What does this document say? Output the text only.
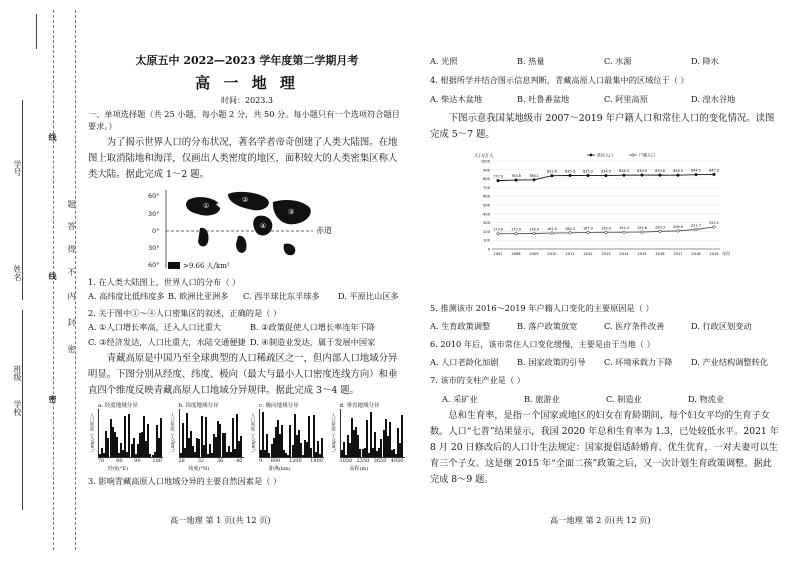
学号
姓名
学校
班级
线
题
答
得
不
内
线
封
密
密
太原五中 2022—2023 学年度第二学期月考
高 一 地 理
时间：2023.3
一、单项选择题（共 25 小题，每小题 2 分，共 50 分。每小题只有一个选项符合题目要求。）
为了揭示世界人口的分布状况，著名学者帝奇创建了人类大陆图。在地图上取消陆地和海洋，仅画出人类密度的地区，面积较大的人类密集区称人类大陆。据此完成 1～2 题。
60°
30°
0°
30°
60°
①
②
③
④	赤道
>9.66 人/km²
1. 在人类大陆图上，世界人口的分布（ ）
A. 高纬度比低纬度多 B. 欧洲比亚洲多	C. 西半球比东半球多	D. 平原比山区多
2. 关于图中①～④人口密集区的叙述，正确的是（ ）
A. ①人口增长率高，迁入人口比重大	B. ②政策促使人口增长率连年下降
C. ③经济发达，人口比重大，水陆交通便捷 D. ④制造业发达，属于发展中国家
青藏高原是中国乃至全球典型的人口稀疏区之一，但内部人口地域分异明显。下图分别从经度、纬度、极向（最大与最小人口密度连线方向）和垂直四个维度反映青藏高原人口地域分异规律。据此完成 3～4 题。
a. 经度地域分异
70 80 90 100
经度(°E)
人口密度（人/km²）
b. 纬度地域分异
28	32	36	40
纬度(°N)
人口密度（人/km²）
c. 极向地域分异
0 600 1200 1800
距离(km)
人口密度（人/km²）
d. 垂直地域分异
1050 2350 3650 4950
高程(m)
人口密度（人/km²）
3. 影响青藏高原人口地域分异的主要自然因素是（ ）
高一地理 第 1 页(共 12 页)
A. 光照	B. 热量	C. 水源	D. 降水
4. 根据所学并结合图示信息判断，青藏高原人口最集中的区域位于（ ）
A. 柴达木盆地	B. 吐鲁番盆地	C. 阿里高原	D. 湟水谷地
下图示意我国某地级市 2007～2019 年户籍人口和常住人口的变化情况。读图完成 5～7 题。
0
100
200
300
400
500
600
700
800
900
1000
人口/万人
年份
2007 2008 2009 2010 2011 2012 2013 2014 2015 2016 2017 2018 2019
777.0 783.8 786.1
832.6 835.3 835.9 834.5 838.3 839.9 839.6 838.5 844.5 847.3
常住人口
173.6 173.9 176.0 181.0 184.3 187.9 190.0 191.4 192.6 200.3 206.0 221.7
251.1
户籍人口
5. 推测该市 2016～2019 年户籍人口变化的主要原因是（ ）
A. 生育政策调整	B. 落户政策放宽	C. 医疗条件改善	D. 行政区划变动
6. 2010 年后，该市常住人口变化缓慢，主要是由于当地（ ）
A. 人口老龄化加剧	B. 国家政策的引导	C. 环境承载力下降	D. 产业结构调整转化
7. 该市的支柱产业是（ ）
A. 采矿业	B. 旅游业	C. 制造业	D. 物流业
总和生育率，是指一个国家或地区的妇女在育龄期间，每个妇女平均的生育子女数。人口“七普”结果显示，我国 2020 年总和生育率为 1.3，已处较低水平。2021 年 8 月 20 日修改后的人口计生法规定：国家提倡适龄婚育、优生优育，一对夫妻可以生育三个子女。这是继 2015 年“全面二孩”政策之后，又一次计划生育政策调整。据此完成 8～9 题。
高一地理 第 2 页(共 12 页)
